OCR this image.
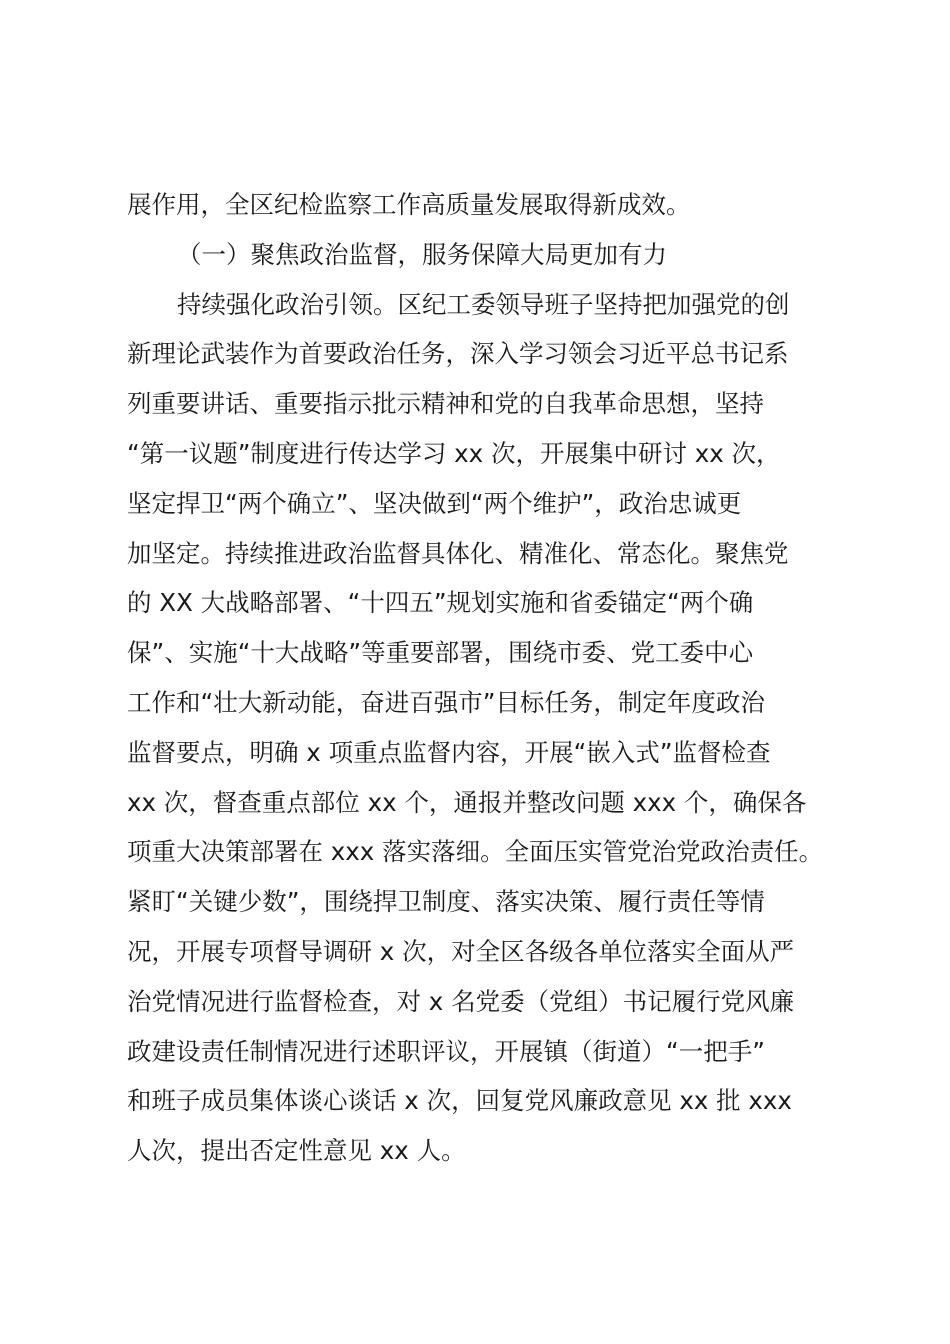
展作用，全区纪检监察工作高质量发展取得新成效。
（一）聚焦政治监督，服务保障大局更加有力
持续强化政治引领。区纪工委领导班子坚持把加强党的创
新理论武装作为首要政治任务，深入学习领会习近平总书记系
列重要讲话、重要指示批示精神和党的自我革命思想，坚持
“第一议题”制度进行传达学习 xx 次，开展集中研讨 xx 次，
坚定捍卫“两个确立”、坚决做到“两个维护”，政治忠诚更
加坚定。持续推进政治监督具体化、精准化、常态化。聚焦党
的 XX 大战略部署、“十四五”规划实施和省委锚定“两个确
保”、实施“十大战略”等重要部署，围绕市委、党工委中心
工作和“壮大新动能，奋进百强市”目标任务，制定年度政治
监督要点，明确 x 项重点监督内容，开展“嵌入式”监督检查
xx 次，督查重点部位 xx 个，通报并整改问题 xxx 个，确保各
项重大决策部署在 xxx 落实落细。全面压实管党治党政治责任。
紧盯“关键少数”，围绕捍卫制度、落实决策、履行责任等情
况，开展专项督导调研 x 次，对全区各级各单位落实全面从严
治党情况进行监督检查，对 x 名党委（党组）书记履行党风廉
政建设责任制情况进行述职评议，开展镇（街道）“一把手”
和班子成员集体谈心谈话 x 次，回复党风廉政意见 xx 批 xxx
人次，提出否定性意见 xx 人。
